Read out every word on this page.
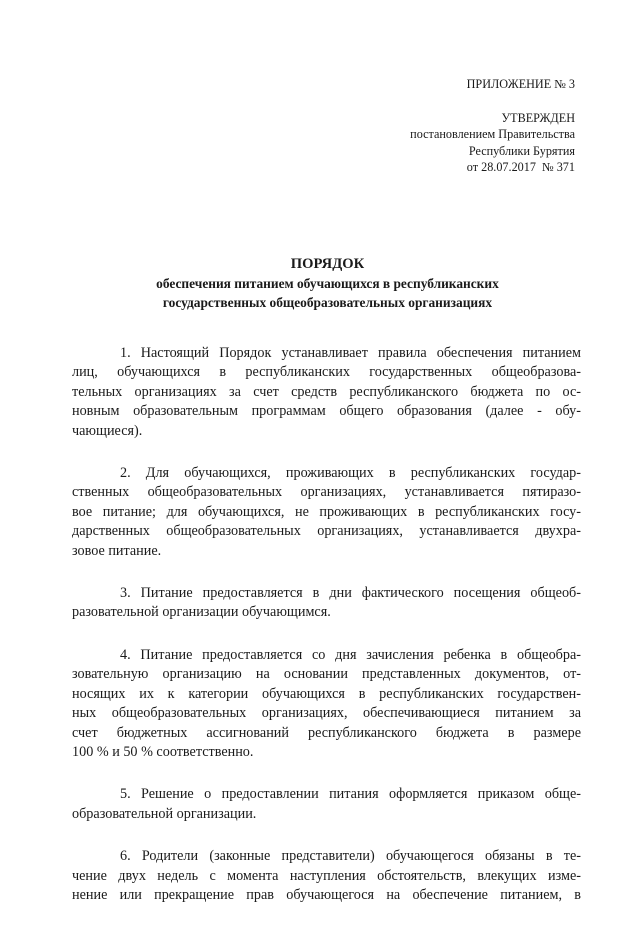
ПРИЛОЖЕНИЕ № 3
УТВЕРЖДЕН
постановлением Правительства
Республики Бурятия
от 28.07.2017  № 371
ПОРЯДОК
обеспечения питанием обучающихся в республиканских
государственных общеобразовательных организациях
1. Настоящий Порядок устанавливает правила обеспечения питанием
лиц, обучающихся в республиканских государственных общеобразова-
тельных организациях за счет средств республиканского бюджета по ос-
новным образовательным программам общего образования (далее - обу-
чающиеся).
2. Для обучающихся, проживающих в республиканских государ-
ственных общеобразовательных организациях, устанавливается пятиразо-
вое питание; для обучающихся, не проживающих в республиканских госу-
дарственных общеобразовательных организациях, устанавливается двухра-
зовое питание.
3. Питание предоставляется в дни фактического посещения общеоб-
разовательной организации обучающимся.
4. Питание предоставляется со дня зачисления ребенка в общеобра-
зовательную организацию на основании представленных документов, от-
носящих их к категории обучающихся в республиканских государствен-
ных общеобразовательных организациях, обеспечивающиеся питанием за
счет бюджетных ассигнований республиканского бюджета в размере
100 % и 50 % соответственно.
5. Решение о предоставлении питания оформляется приказом обще-
образовательной организации.
6. Родители (законные представители) обучающегося обязаны в те-
чение двух недель с момента наступления обстоятельств, влекущих изме-
нение или прекращение прав обучающегося на обеспечение питанием, в
